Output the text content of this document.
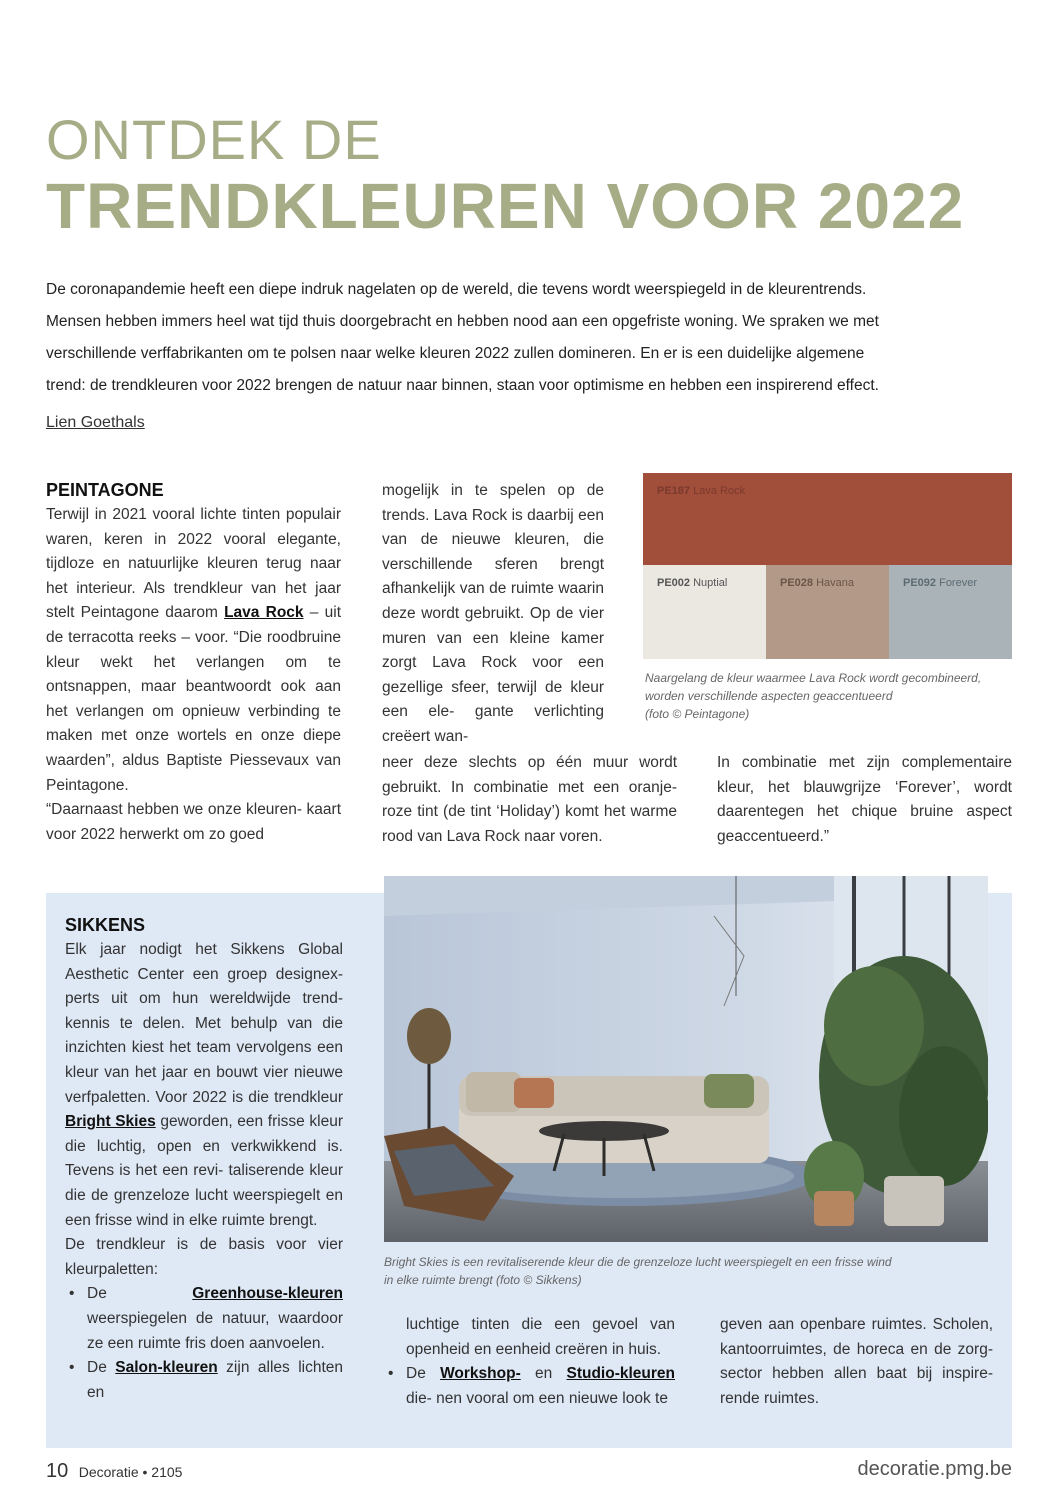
ONTDEK DE
TRENDKLEUREN VOOR 2022

De coronapandemie heeft een diepe indruk nagelaten op de wereld, die tevens wordt weerspiegeld in de kleurentrends.

Mensen hebben immers heel wat tijd thuis doorgebracht en hebben nood aan een opgefriste woning. We spraken we met

verschillende verffabrikanten om te polsen naar welke kleuren 2022 zullen domineren. En er is een duidelijke algemene

trend: de trendkleuren voor 2022 brengen de natuur naar binnen, staan voor optimisme en hebben een inspirerend effect.

Lien Goethals

PEINTAGONE

Terwijl in 2021 vooral lichte tinten populair waren, keren in 2022 vooral elegante, tijdloze en natuurlijke kleuren terug naar het interieur. Als trendkleur van het jaar stelt Peintagone daarom Lava Rock – uit de terracotta reeks – voor. “Die roodbruine kleur wekt het verlangen om te ontsnappen, maar beantwoordt ook aan het verlangen om opnieuw verbinding te maken met onze wortels en onze diepe waarden”, aldus Baptiste Piessevaux van Peintagone.

“Daarnaast hebben we onze kleuren- kaart voor 2022 herwerkt om zo goed

mogelijk in te spelen op de trends. Lava Rock is daarbij een van de nieuwe kleuren, die verschillende sferen brengt afhankelijk van de ruimte waarin deze wordt gebruikt. Op de vier muren van een kleine kamer zorgt Lava Rock voor een gezellige sfeer, terwijl de kleur een ele- gante verlichting creëert wan-
neer deze slechts op één muur wordt gebruikt. In combinatie met een oranje- roze tint (de tint ‘Holiday’) komt het warme rood van Lava Rock naar voren.
PE187 Lava Rock
PE002 Nuptial	PE028 Havana	PE092 Forever
Naargelang de kleur waarmee Lava Rock wordt gecombineerd,
worden verschillende aspecten geaccentueerd
(foto © Peintagone)
In combinatie met zijn complementaire kleur, het blauwgrijze ‘Forever’, wordt daarentegen het chique bruine aspect geaccentueerd.”
Bright Skies is een revitaliserende kleur die de grenzeloze lucht weerspiegelt en een frisse wind
in elke ruimte brengt (foto © Sikkens)

SIKKENS

Elk jaar nodigt het Sikkens Global Aesthetic Center een groep designex- perts uit om hun wereldwijde trend- kennis te delen. Met behulp van die inzichten kiest het team vervolgens een kleur van het jaar en bouwt vier nieuwe verfpaletten. Voor 2022 is die trendkleur Bright Skies geworden, een frisse kleur die luchtig, open en verkwikkend is. Tevens is het een revi- taliserende kleur die de grenzeloze lucht weerspiegelt en een frisse wind in elke ruimte brengt.

De trendkleur is de basis voor vier kleurpaletten:

• De Greenhouse-kleuren weerspiegelen de natuur, waardoor ze een ruimte fris doen aanvoelen.
• De Salon-kleuren zijn alles lichten en

luchtige tinten die een gevoel van openheid en eenheid creëren in huis.

• De Workshop- en Studio-kleuren die- nen vooral om een nieuwe look te
geven aan openbare ruimtes. Scholen, kantoorruimtes, de horeca en de zorg- sector hebben allen baat bij inspire- rende ruimtes.
10 Decoratie • 2105	decoratie.pmg.be
